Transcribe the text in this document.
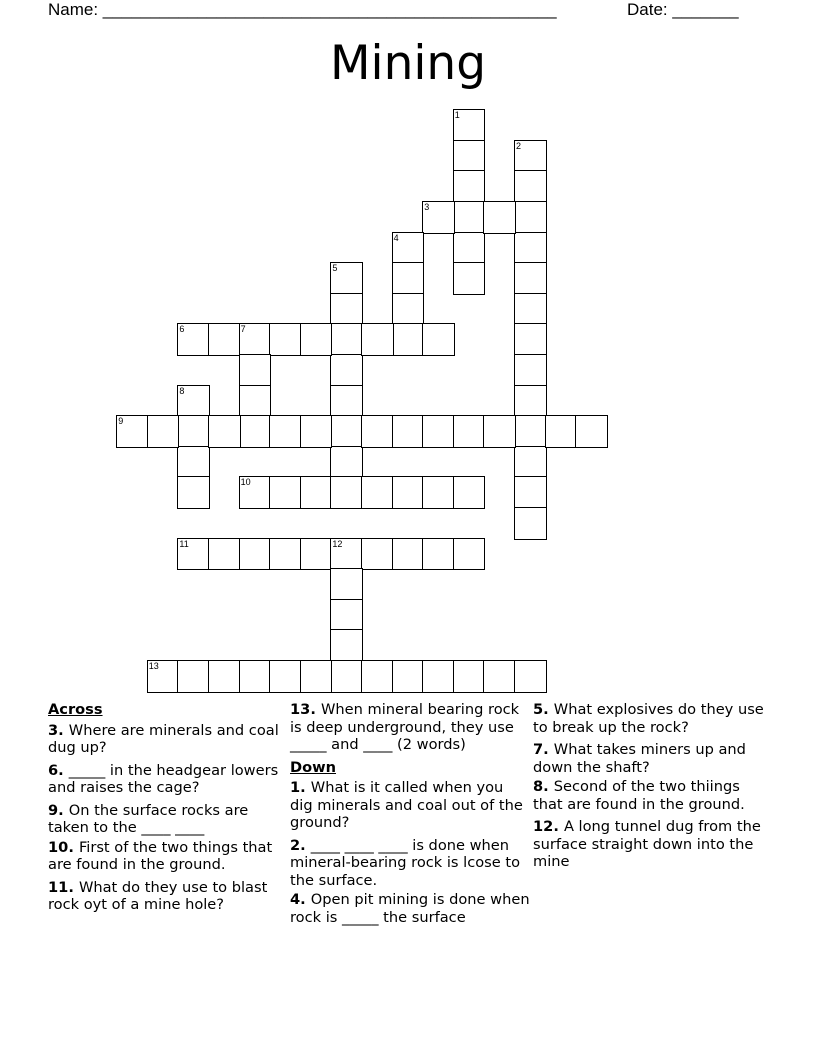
Name: ________________________________________________	Date: _______
Mining
1
2
3
4
5
6	7
8
9
10
11	12
13
Across
3. Where are minerals and coal dug up?
6. _____ in the headgear lowers and raises the cage?
9. On the surface rocks are taken to the ____ ____
10. First of the two things that are found in the ground.
11. What do they use to blast rock oyt of a mine hole?
13. When mineral bearing rock is deep underground, they use _____ and ____ (2 words)
Down
1. What is it called when you dig minerals and coal out of the ground?
2. ____ ____ ____ is done when mineral-bearing rock is lcose to the surface.
4. Open pit mining is done when rock is _____ the surface
5. What explosives do they use to break up the rock?
7. What takes miners up and down the shaft?
8. Second of the two thiings that are found in the ground.
12. A long tunnel dug from the surface straight down into the mine
